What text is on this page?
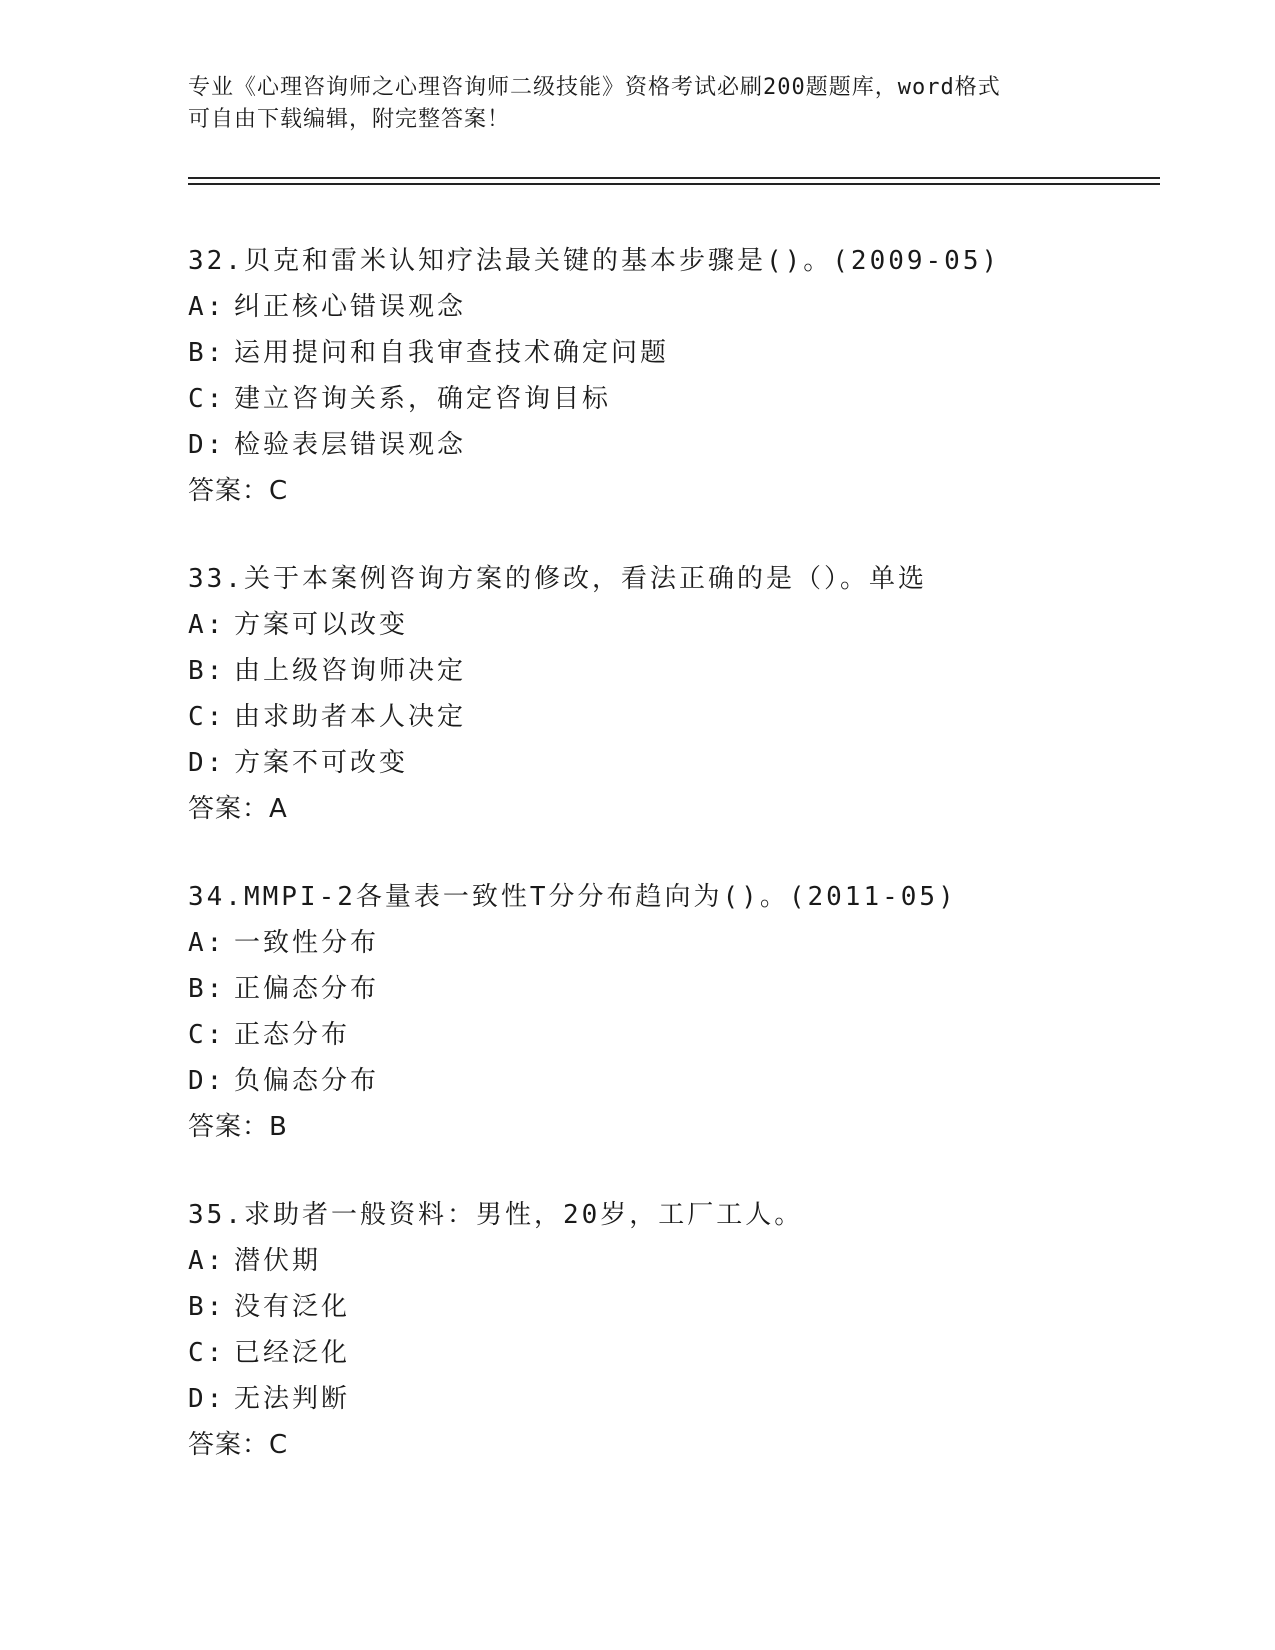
专业《心理咨询师之心理咨询师二级技能》资格考试必刷200题题库，word格式
可自由下载编辑，附完整答案！
32.贝克和雷米认知疗法最关键的基本步骤是()。(2009-05)
A: 纠正核心错误观念
B: 运用提问和自我审查技术确定问题
C: 建立咨询关系，确定咨询目标
D: 检验表层错误观念
答案：C
33.关于本案例咨询方案的修改，看法正确的是（）。单选
A: 方案可以改变
B: 由上级咨询师决定
C: 由求助者本人决定
D: 方案不可改变
答案：A
34.MMPI-2各量表一致性T分分布趋向为()。(2011-05)
A: 一致性分布
B: 正偏态分布
C: 正态分布
D: 负偏态分布
答案：B
35.求助者一般资料：男性，20岁，工厂工人。
A: 潜伏期
B: 没有泛化
C: 已经泛化
D: 无法判断
答案：C
